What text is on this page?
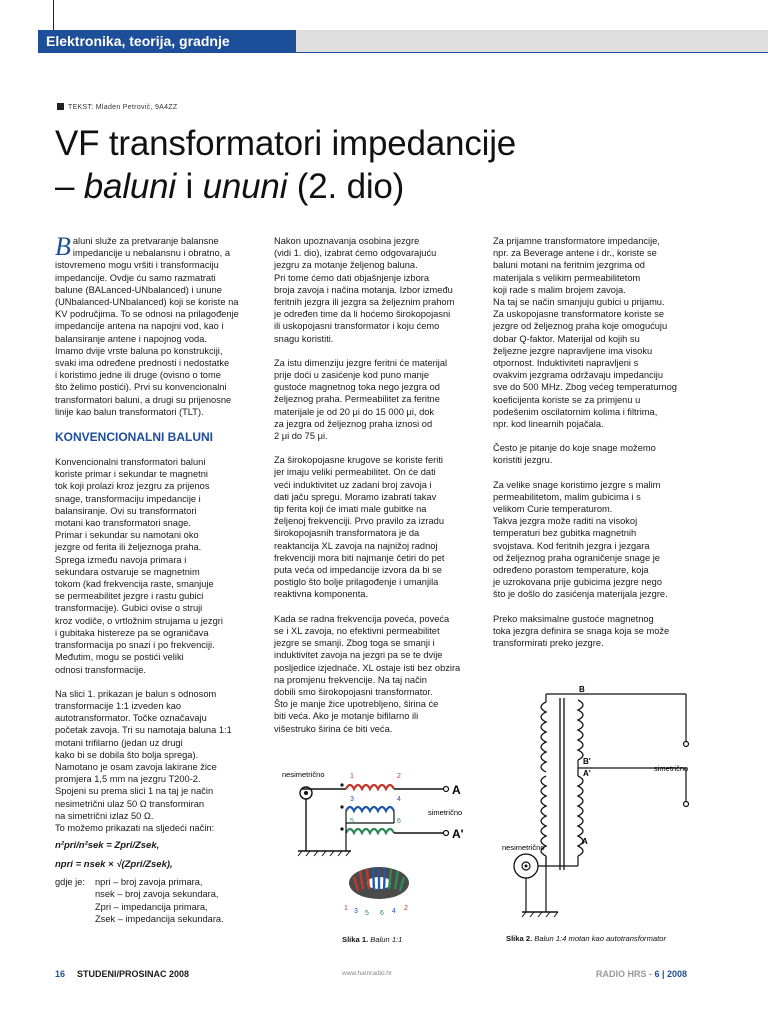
Elektronika, teorija, gradnje
TEKST: Mladen Petrović, 9A4ZZ
VF transformatori impedancije
– baluni i ununi (2. dio)

Baluni služe za pretvaranje balansne
impedancije u nebalansnu i obratno, a
istovremeno mogu vršiti i transformaciju
impedancije. Ovdje ću samo razmatrati
balune (BALanced-UNbalanced) i unune
(UNbalanced-UNbalanced) koji se koriste na
KV područjima. To se odnosi na prilagođenje
impedancije antena na napojni vod, kao i
balansiranje antene i napojnog voda.
Imamo dvije vrste baluna po konstrukciji,
svaki ima određene prednosti i nedostatke
i koristimo jedne ili druge (ovisno o tome
što želimo postići). Prvi su konvencionalni
transformatori baluni, a drugi su prijenosne
linije kao balun transformatori (TLT).

KONVENCIONALNI BALUNI

Konvencionalni transformatori baluni
koriste primar i sekundar te magnetni
tok koji prolazi kroz jezgru za prijenos
snage, transformaciju impedancije i
balansiranje. Ovi su transformatori
motani kao transformatori snage.
Primar i sekundar su namotani oko
jezgre od ferita ili željeznoga praha.
Sprega između navoja primara i
sekundara ostvaruje se magnetnim
tokom (kad frekvencija raste, smanjuje
se permeabilitet jezgre i rastu gubici
transformacije). Gubici ovise o struji
kroz vodiče, o vrtložnim strujama u jezgri
i gubitaka histereze pa se ograničava
transformacija po snazi i po frekvenciji.
Međutim, mogu se postići veliki
odnosi transformacije.

Na slici 1. prikazan je balun s odnosom
transformacije 1:1 izveden kao
autotransformator. Točke označavaju
početak zavoja. Tri su namotaja baluna 1:1
motani trifilarno (jedan uz drugi
kako bi se dobila što bolja sprega).
Namotano je osam zavoja lakirane žice
promjera 1,5 mm na jezgru T200-2.
Spojeni su prema slici 1 na taj je način
nesimetrični ulaz 50 Ω transformiran
na simetrični izlaz 50 Ω.
To možemo prikazati na sljedeći način:

n²pri/n²sek = Zpri/Zsek,
npri = nsek × √(Zpri/Zsek),
gdje je:	npri – broj zavoja primara,
nsek – broj zavoja sekundara,
Zpri – impedancija primara,
Zsek – impedancija sekundara.

Nakon upoznavanja osobina jezgre
(vidi 1. dio), izabrat ćemo odgovarajuću
jezgru za motanje željenog baluna.
Pri tome ćemo dati objašnjenje izbora
broja zavoja i načina motanja. Izbor između
feritnih jezgra ili jezgra sa željeznim prahom
je određen time da li hoćemo širokopojasni
ili uskopojasni transformator i koju ćemo
snagu koristiti.

Za istu dimenziju jezgre feritni će materijal
prije doći u zasićenje kod puno manje
gustoće magnetnog toka nego jezgra od
željeznog praha. Permeabilitet za feritne
materijale je od 20 μi do 15 000 μi, dok
za jezgra od željeznog praha iznosi od
2 μi do 75 μi.

Za širokopojasne krugove se koriste feriti
jer imaju veliki permeabilitet. On će dati
veći induktivitet uz zadani broj zavoja i
dati jaču spregu. Moramo izabrati takav
tip ferita koji će imati male gubitke na
željenoj frekvenciji. Prvo pravilo za izradu
širokopojasnih transformatora je da
reaktancija XL zavoja na najnižoj radnoj
frekvenciji mora biti najmanje četiri do pet
puta veća od impedancije izvora da bi se
postiglo što bolje prilagođenje i umanjila
reaktivna komponenta.

Kada se radna frekvencija poveća, poveća
se i XL zavoja, no efektivni permeabilitet
jezgre se smanji. Zbog toga se smanji i
induktivitet zavoja na jezgri pa se te dvije
posljedice izjednače. XL ostaje isti bez obzira
na promjenu frekvencije. Na taj način
dobili smo širokopojasni transformator.
Što je manje žice upotrebljeno, širina će
biti veća. Ako je motanje bifilarno ili
višestruko širina će biti veća.

Za prijamne transformatore impedancije,
npr. za Beverage antene i dr., koriste se
baluni motani na feritnim jezgrima od
materijala s velikim permeabilitetom
koji rade s malim brojem zavoja.
Na taj se način smanjuju gubici u prijamu.
Za uskopojasne transformatore koriste se
jezgre od željeznog praha koje omogućuju
dobar Q-faktor. Materijal od kojih su
željezne jezgre napravljene ima visoku
otpornost. Induktiviteti napravljeni s
ovakvim jezgrama održavaju impedanciju
sve do 500 MHz. Zbog većeg temperaturnog
koeficijenta koriste se za primjenu u
podešenim oscilatornim kolima i filtrima,
npr. kod linearnih pojačala.

Često je pitanje do koje snage možemo
koristiti jezgru.

Za velike snage koristimo jezgre s malim
permeabilitetom, malim gubicima i s
velikom Curie temperaturom.
Takva jezgra može raditi na visokoj
temperaturi bez gubitka magnetnih
svojstava. Kod feritnih jezgra i jezgara
od željeznog praha ograničenje snage je
određeno porastom temperature, koja
je uzrokovana prije gubicima jezgre nego
što je došlo do zasićenja materijala jezgre.

Preko maksimalne gustoće magnetnog
toka jezgra definira se snaga koja se može
transformirati preko jezgre.

nesimetrično
simetrično
1	2
3	4
5	6
A
A'
1 3 5 6 4 2
Slika 1. Balun 1:1
B
B'
A'
simetrično
A
nesimetrično
Slika 2. Balun 1:4 motan kao autotransformator
16 STUDENI/PROSINAC 2008	www.hamradio.hr	RADIO HRS - 6 | 2008
